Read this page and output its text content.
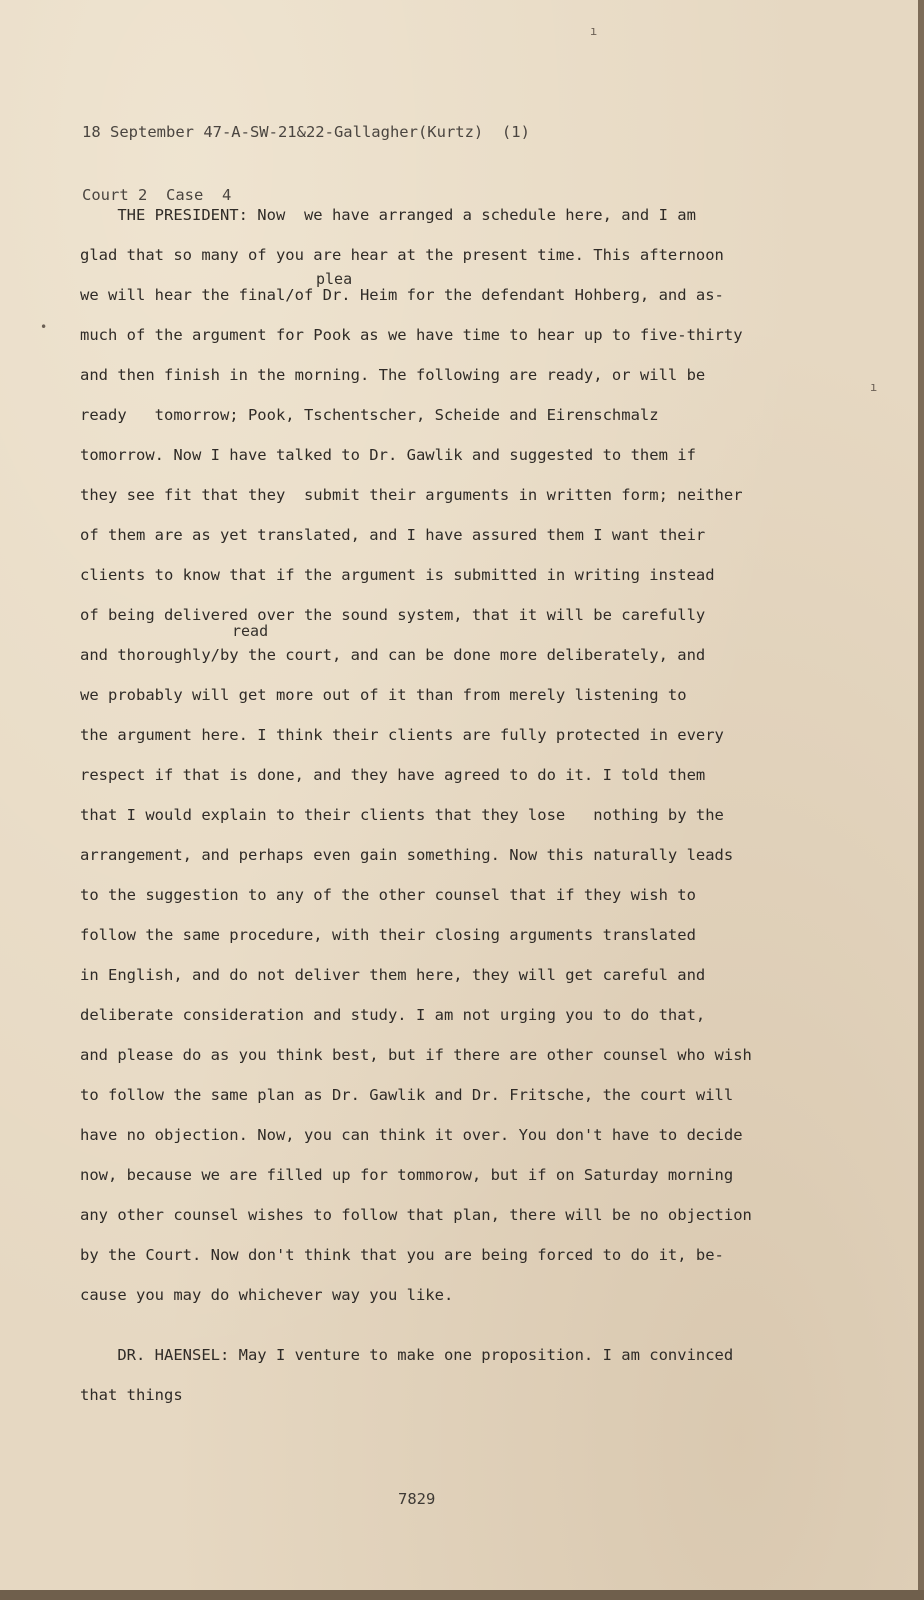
18 September 47-A-SW-21&22-Gallagher(Kurtz)  (1)

Court 2  Case  4

plea
read
THE PRESIDENT: Now  we have arranged a schedule here, and I am
glad that so many of you are hear at the present time. This afternoon
we will hear the final/of Dr. Heim for the defendant Hohberg, and as-
much of the argument for Pook as we have time to hear up to five-thirty
and then finish in the morning. The following are ready, or will be
ready   tomorrow; Pook, Tschentscher, Scheide and Eirenschmalz
tomorrow. Now I have talked to Dr. Gawlik and suggested to them if
they see fit that they  submit their arguments in written form; neither
of them are as yet translated, and I have assured them I want their
clients to know that if the argument is submitted in writing instead
of being delivered over the sound system, that it will be carefully
and thoroughly/by the court, and can be done more deliberately, and
we probably will get more out of it than from merely listening to
the argument here. I think their clients are fully protected in every
respect if that is done, and they have agreed to do it. I told them
that I would explain to their clients that they lose   nothing by the
arrangement, and perhaps even gain something. Now this naturally leads
to the suggestion to any of the other counsel that if they wish to
follow the same procedure, with their closing arguments translated
in English, and do not deliver them here, they will get careful and
deliberate consideration and study. I am not urging you to do that,
and please do as you think best, but if there are other counsel who wish
to follow the same plan as Dr. Gawlik and Dr. Fritsche, the court will
have no objection. Now, you can think it over. You don't have to decide
now, because we are filled up for tommorow, but if on Saturday morning
any other counsel wishes to follow that plan, there will be no objection
by the Court. Now don't think that you are being forced to do it, be-
cause you may do whichever way you like.
DR. HAENSEL: May I venture to make one proposition. I am convinced
that things
7829
•
ı
ı
